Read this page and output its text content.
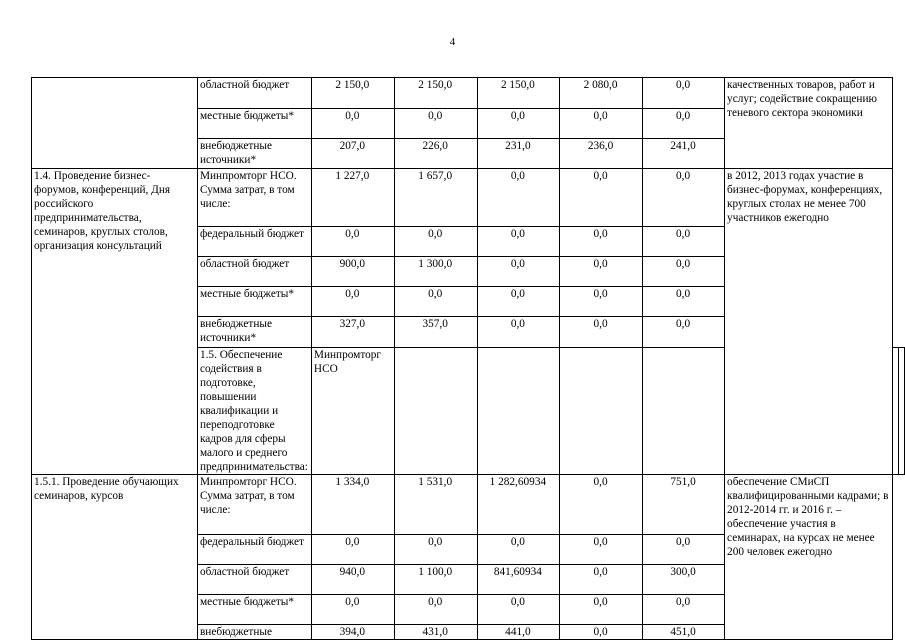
4
	областной бюджет	2 150,0	2 150,0	2 150,0	2 080,0	0,0	качественных товаров, работ и услуг; содействие сокращению теневого сектора экономики		
	местные бюджеты*	0,0	0,0	0,0	0,0	0,0			
	внебюджетные источники*	207,0	226,0	231,0	236,0	241,0			
1.4. Проведение бизнес-форумов, конференций, Дня российского предпринимательства, семинаров, круглых столов, организация консультаций	Минпромторг НСО. Сумма затрат, в том числе:	1 227,0	1 657,0	0,0	0,0	0,0	в 2012, 2013 годах участие в бизнес-форумах, конференциях, круглых столах не менее 700 участников ежегодно		
	федеральный бюджет	0,0	0,0	0,0	0,0	0,0			
	областной бюджет	900,0	1 300,0	0,0	0,0	0,0			
	местные бюджеты*	0,0	0,0	0,0	0,0	0,0			
	внебюджетные источники*	327,0	357,0	0,0	0,0	0,0			
	1.5. Обеспечение содействия в подготовке, повышении квалификации и переподготовке кадров для сферы малого и среднего предпринимательства:	Минпромторг НСО							
1.5.1. Проведение обучающих семинаров, курсов	Минпромторг НСО. Сумма затрат, в том числе:	1 334,0	1 531,0	1 282,60934	0,0	751,0	обеспечение СМиСП квалифицированными кадрами; в 2012-2014 гг. и 2016 г. – обеспечение участия в семинарах, на курсах не менее 200 человек ежегодно		
	федеральный бюджет	0,0	0,0	0,0	0,0	0,0			
	областной бюджет	940,0	1 100,0	841,60934	0,0	300,0			
	местные бюджеты*	0,0	0,0	0,0	0,0	0,0			
	внебюджетные	394,0	431,0	441,0	0,0	451,0			
